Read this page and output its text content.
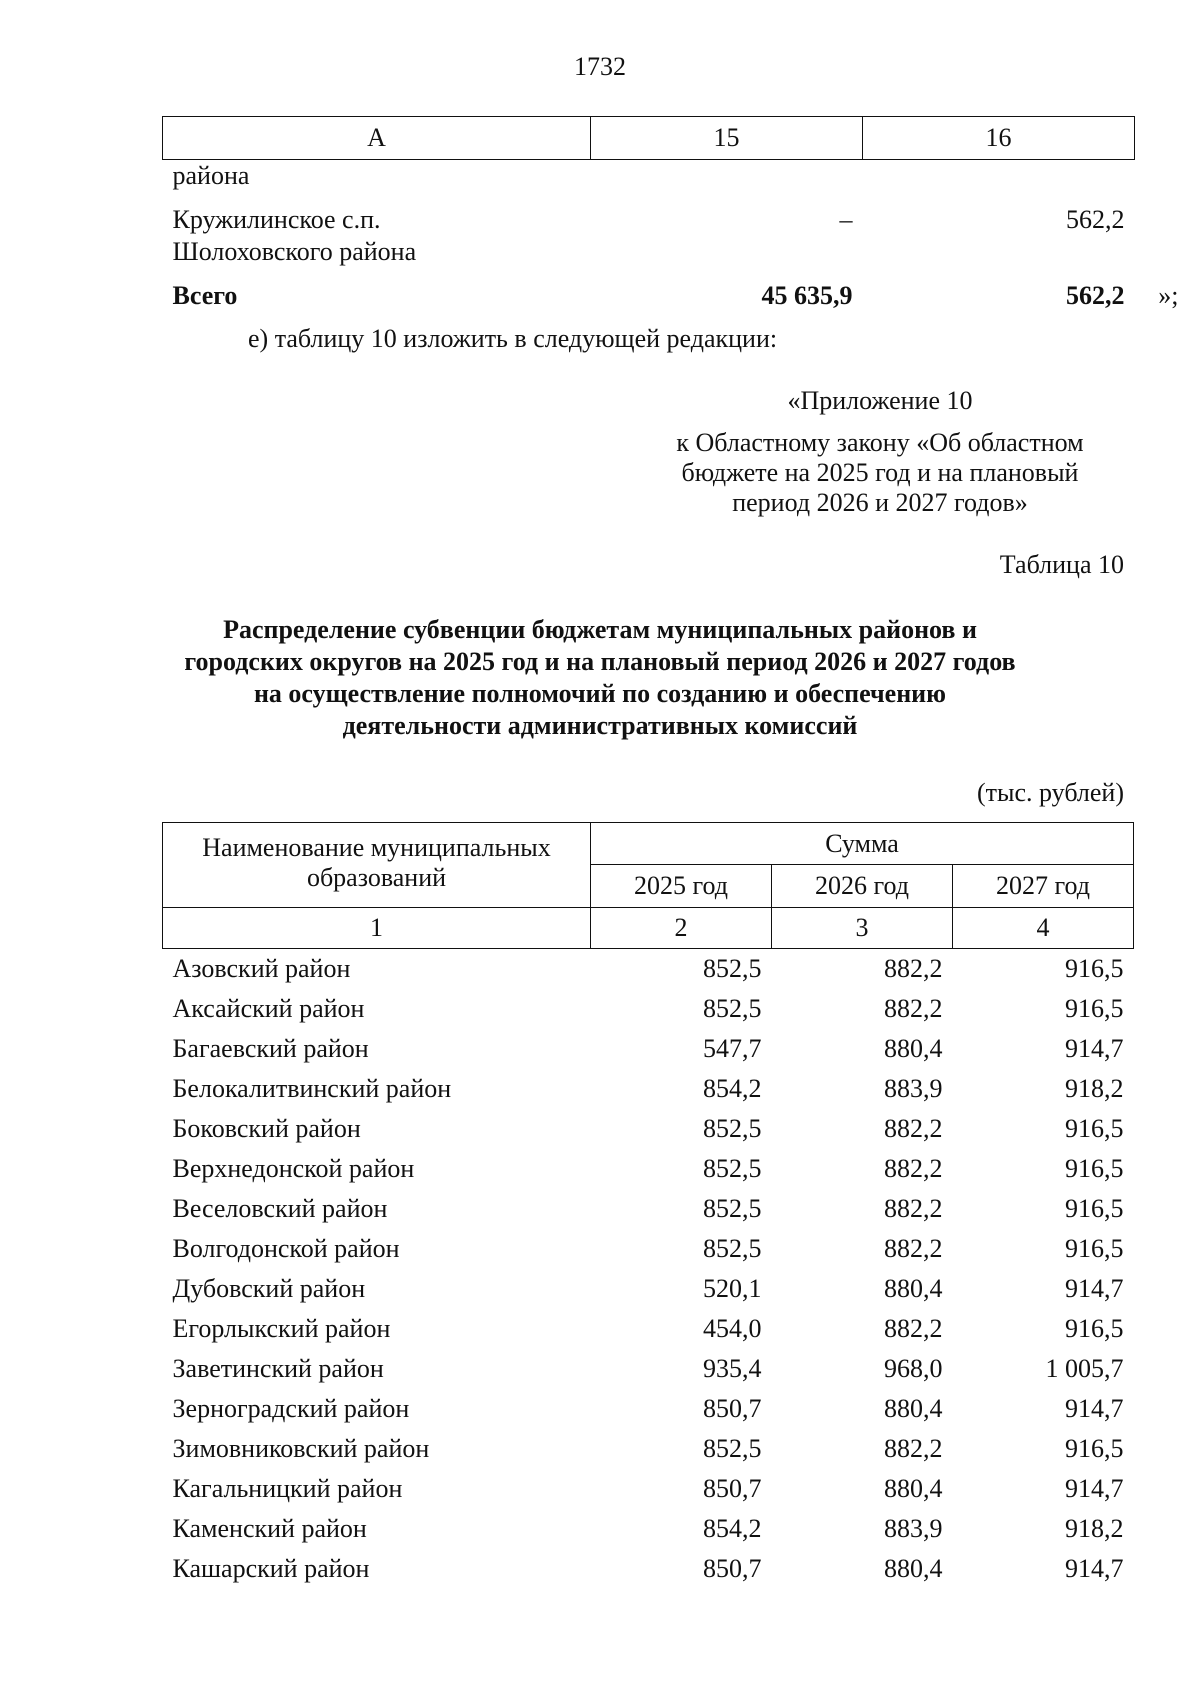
1732
А	15	16
района		

Кружилинское с.п.
Шолоховского района	–	562,2
Всего	45 635,9	562,2 »;
е) таблицу 10 изложить в следующей редакции:
«Приложение 10
к Областному закону «Об областном
бюджете на 2025 год и на плановый
период 2026 и 2027 годов»
Таблица 10
Распределение субвенции бюджетам муниципальных районов и
городских округов на 2025 год и на плановый период 2026 и 2027 годов
на осуществление полномочий по созданию и обеспечению
деятельности административных комиссий
(тыс. рублей)
Наименование муниципальных
образований	Сумма		
	2025 год	2026 год	2027 год
1	2	3	4
Азовский район	852,5	882,2	916,5
Аксайский район	852,5	882,2	916,5
Багаевский район	547,7	880,4	914,7
Белокалитвинский район	854,2	883,9	918,2
Боковский район	852,5	882,2	916,5
Верхнедонской район	852,5	882,2	916,5
Веселовский район	852,5	882,2	916,5
Волгодонской район	852,5	882,2	916,5
Дубовский район	520,1	880,4	914,7
Егорлыкский район	454,0	882,2	916,5
Заветинский район	935,4	968,0	1 005,7
Зерноградский район	850,7	880,4	914,7
Зимовниковский район	852,5	882,2	916,5
Кагальницкий район	850,7	880,4	914,7
Каменский район	854,2	883,9	918,2
Кашарский район	850,7	880,4	914,7
